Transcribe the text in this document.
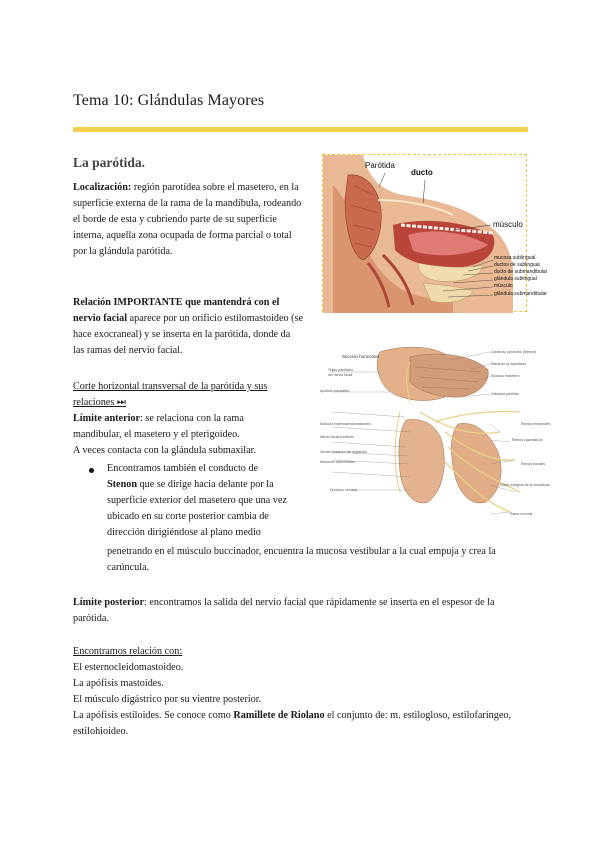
Tema 10: Glándulas Mayores
La parótida.

Localización: región parotídea sobre el masetero, en la
superficie externa de la rama de la mandíbula, rodeando
el borde de esta y cubriendo parte de su superficie
interna, aquella zona ocupada de forma parcial o total
por la glándula parótida.

Relación IMPORTANTE que mantendrá con el
nervio facial aparece por un orificio estilomastoideo (se
hace exocraneal) y se inserta en la parótida, donde da
las ramas del nervio facial.

Corte horizontal transversal de la parótida y sus
relaciones ⏭

Límite anterior: se relaciona con la rama
mandibular, el masetero y el pterigoideo.
A veces contacta con la glándula submaxilar.

Encontramos también el conducto de
Stenon que se dirige hacia delante por la
superficie exterior del masetero que una vez
ubicado en su corte posterior cambia de
dirección dirigiéndose al plano medio

penetrando en el músculo buccinador, encuentra la mucosa vestibular a la cual empuja y crea la
carúncula.

Límite posterior: encontramos la salida del nervio facial que rápidamente se inserta en el espesor de la
parótida.

Encontramos relación con:
El esternocleidomastoideo.
La apófisis mastoides.
El músculo digástrico por su vientre posterior.
La apófisis estiloides. Se conoce como Ramillete de Riolano el conjunto de: m. estilogloso, estilofaríngeo,
estilohioideo.

Parótida
ducto
músculo
mucosa sublingual
ductos de sublingual
ducto de submandibular
glándula sublingual
músculo
glándula submandibular
Sección horizontal
Tejido parotídeo
del nervio facial
Apófisis mastoides
Músculo esternocleidomastoideo
Nervio facial posterior
Vientre posterior del digástrico
Músculos estilohioideo
Duodeno cervical
Conducto parotídeo (Stenon)
Rama de la mandíbula
Músculo masetero
Glándula parótida
Ramos temporales
Ramos cigomáticos
Ramos bucales
Ramo marginal de la mandíbula
Ramo cervical
